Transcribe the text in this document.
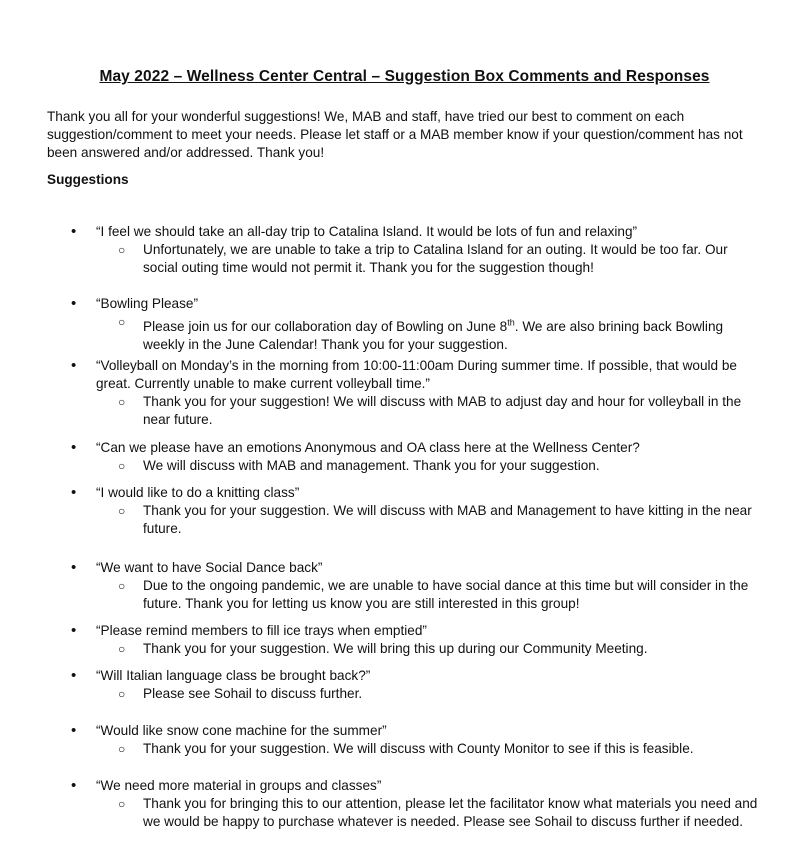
May 2022 – Wellness Center Central – Suggestion Box Comments and Responses
Thank you all for your wonderful suggestions! We, MAB and staff, have tried our best to comment on each suggestion/comment to meet your needs. Please let staff or a MAB member know if your question/comment has not been answered and/or addressed. Thank you!
Suggestions
• “I feel we should take an all-day trip to Catalina Island. It would be lots of fun and relaxing”
○ Unfortunately, we are unable to take a trip to Catalina Island for an outing. It would be too far. Our social outing time would not permit it. Thank you for the suggestion though!
• “Bowling Please”
○ Please join us for our collaboration day of Bowling on June 8th. We are also brining back Bowling weekly in the June Calendar! Thank you for your suggestion.
• “Volleyball on Monday’s in the morning from 10:00-11:00am During summer time. If possible, that would be great. Currently unable to make current volleyball time.”
○ Thank you for your suggestion! We will discuss with MAB to adjust day and hour for volleyball in the near future.
• “Can we please have an emotions Anonymous and OA class here at the Wellness Center?
○ We will discuss with MAB and management. Thank you for your suggestion.
• “I would like to do a knitting class”
○ Thank you for your suggestion. We will discuss with MAB and Management to have kitting in the near future.
• “We want to have Social Dance back”
○ Due to the ongoing pandemic, we are unable to have social dance at this time but will consider in the future. Thank you for letting us know you are still interested in this group!
• “Please remind members to fill ice trays when emptied”
○ Thank you for your suggestion. We will bring this up during our Community Meeting.
• “Will Italian language class be brought back?”
○ Please see Sohail to discuss further.
• “Would like snow cone machine for the summer”
○ Thank you for your suggestion. We will discuss with County Monitor to see if this is feasible.
• “We need more material in groups and classes”
○ Thank you for bringing this to our attention, please let the facilitator know what materials you need and we would be happy to purchase whatever is needed. Please see Sohail to discuss further if needed.
